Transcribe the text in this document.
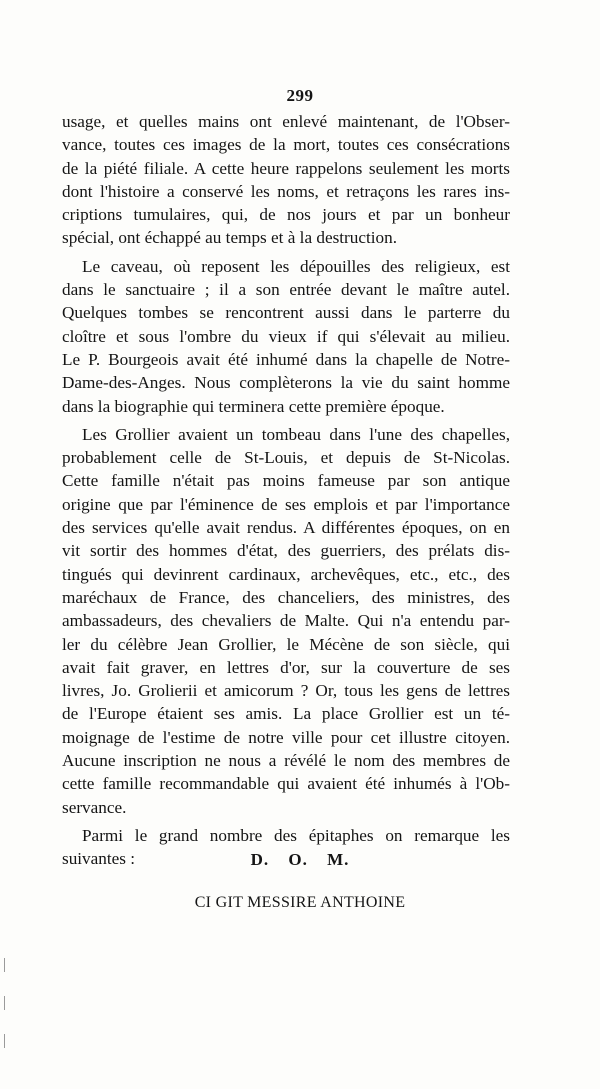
299
usage, et quelles mains ont enlevé maintenant, de l'Obser-
vance, toutes ces images de la mort, toutes ces consécrations
de la piété filiale. A cette heure rappelons seulement les morts
dont l'histoire a conservé les noms, et retraçons les rares ins-
criptions tumulaires, qui, de nos jours et par un bonheur
spécial, ont échappé au temps et à la destruction.
Le caveau, où reposent les dépouilles des religieux, est
dans le sanctuaire ; il a son entrée devant le maître autel.
Quelques tombes se rencontrent aussi dans le parterre du
cloître et sous l'ombre du vieux if qui s'élevait au milieu.
Le P. Bourgeois avait été inhumé dans la chapelle de Notre-
Dame-des-Anges. Nous complèterons la vie du saint homme
dans la biographie qui terminera cette première époque.
Les Grollier avaient un tombeau dans l'une des chapelles,
probablement celle de St-Louis, et depuis de St-Nicolas.
Cette famille n'était pas moins fameuse par son antique
origine que par l'éminence de ses emplois et par l'importance
des services qu'elle avait rendus. A différentes époques, on en
vit sortir des hommes d'état, des guerriers, des prélats dis-
tingués qui devinrent cardinaux, archevêques, etc., etc., des
maréchaux de France, des chanceliers, des ministres, des
ambassadeurs, des chevaliers de Malte. Qui n'a entendu par-
ler du célèbre Jean Grollier, le Mécène de son siècle, qui
avait fait graver, en lettres d'or, sur la couverture de ses
livres, Jo. Grolierii et amicorum ? Or, tous les gens de lettres
de l'Europe étaient ses amis. La place Grollier est un té-
moignage de l'estime de notre ville pour cet illustre citoyen.
Aucune inscription ne nous a révélé le nom des membres de
cette famille recommandable qui avaient été inhumés à l'Ob-
servance.
Parmi le grand nombre des épitaphes on remarque les
suivantes :	D. O. M.
CI GIT MESSIRE ANTHOINE
